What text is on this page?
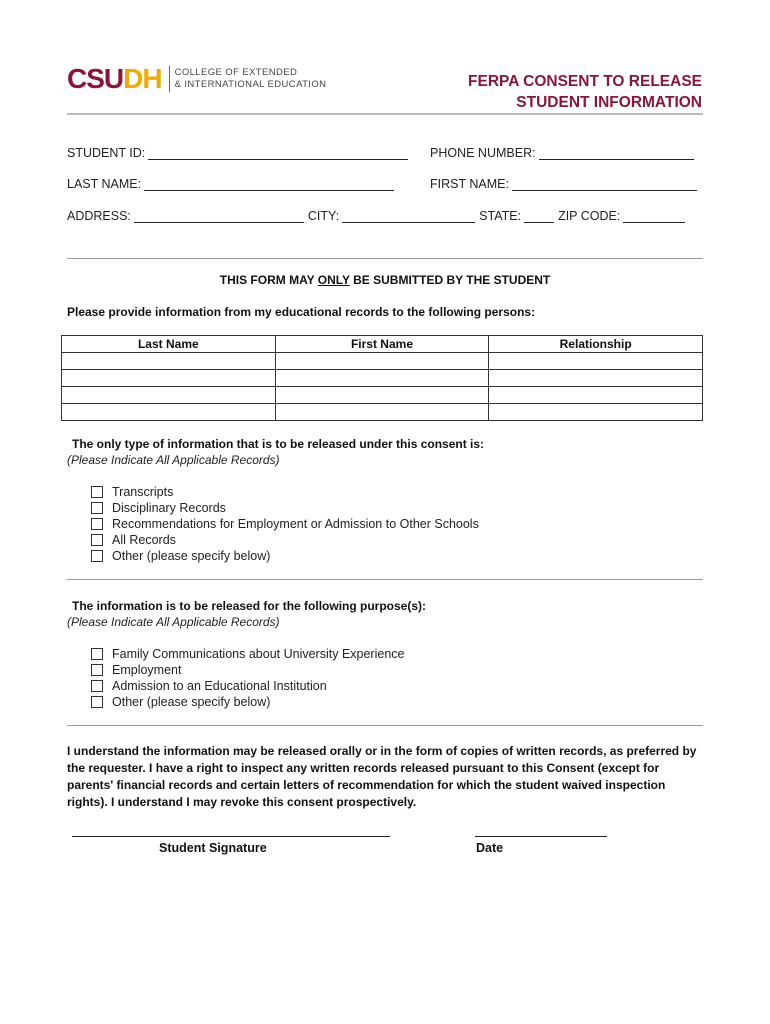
CSU DH COLLEGE OF EXTENDED
& INTERNATIONAL EDUCATION	FERPA CONSENT TO RELEASE
STUDENT INFORMATION
STUDENT ID:	PHONE NUMBER:
LAST NAME:	FIRST NAME:
ADDRESS:	CITY:	STATE:	ZIP CODE:
THIS FORM MAY ONLY BE SUBMITTED BY THE STUDENT
Please provide information from my educational records to the following persons:
Last Name	First Name	Relationship

The only type of information that is to be released under this consent is:
(Please Indicate All Applicable Records)
Transcripts
Disciplinary Records
Recommendations for Employment or Admission to Other Schools
All Records
Other (please specify below)
The information is to be released for the following purpose(s):
(Please Indicate All Applicable Records)
Family Communications about University Experience
Employment
Admission to an Educational Institution
Other (please specify below)
I understand the information may be released orally or in the form of copies of written records, as preferred by the requester. I have a right to inspect any written records released pursuant to this Consent (except for parents' financial records and certain letters of recommendation for which the student waived inspection rights). I understand I may revoke this consent prospectively.
Student Signature	Date
